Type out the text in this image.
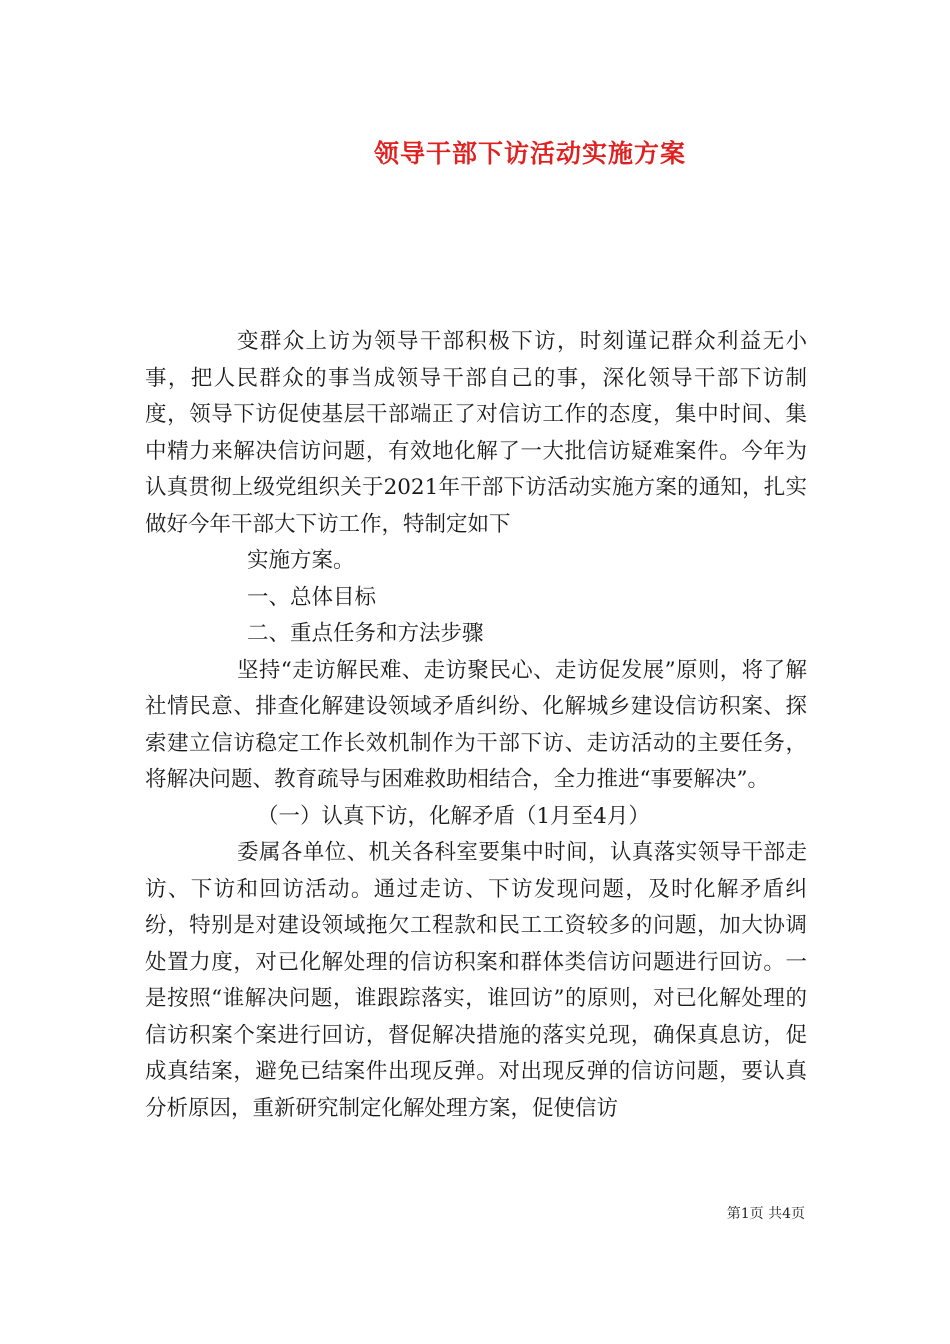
领导干部下访活动实施方案

变群众上访为领导干部积极下访，时刻谨记群众利益无小事，把人民群众的事当成领导干部自己的事，深化领导干部下访制度，领导下访促使基层干部端正了对信访工作的态度，集中时间、集中精力来解决信访问题，有效地化解了一大批信访疑难案件。今年为认真贯彻上级党组织关于2021年干部下访活动实施方案的通知，扎实做好今年干部大下访工作，特制定如下

实施方案。

一、总体目标

二、重点任务和方法步骤

坚持“走访解民难、走访聚民心、走访促发展”原则，将了解社情民意、排查化解建设领域矛盾纠纷、化解城乡建设信访积案、探索建立信访稳定工作长效机制作为干部下访、走访活动的主要任务，将解决问题、教育疏导与困难救助相结合，全力推进“事要解决”。

（一）认真下访，化解矛盾（1月至4月）

委属各单位、机关各科室要集中时间，认真落实领导干部走访、下访和回访活动。通过走访、下访发现问题，及时化解矛盾纠纷，特别是对建设领域拖欠工程款和民工工资较多的问题，加大协调处置力度，对已化解处理的信访积案和群体类信访问题进行回访。一是按照“谁解决问题，谁跟踪落实，谁回访”的原则，对已化解处理的信访积案个案进行回访，督促解决措施的落实兑现，确保真息访，促成真结案，避免已结案件出现反弹。对出现反弹的信访问题，要认真分析原因，重新研究制定化解处理方案，促使信访

第1页 共4页
